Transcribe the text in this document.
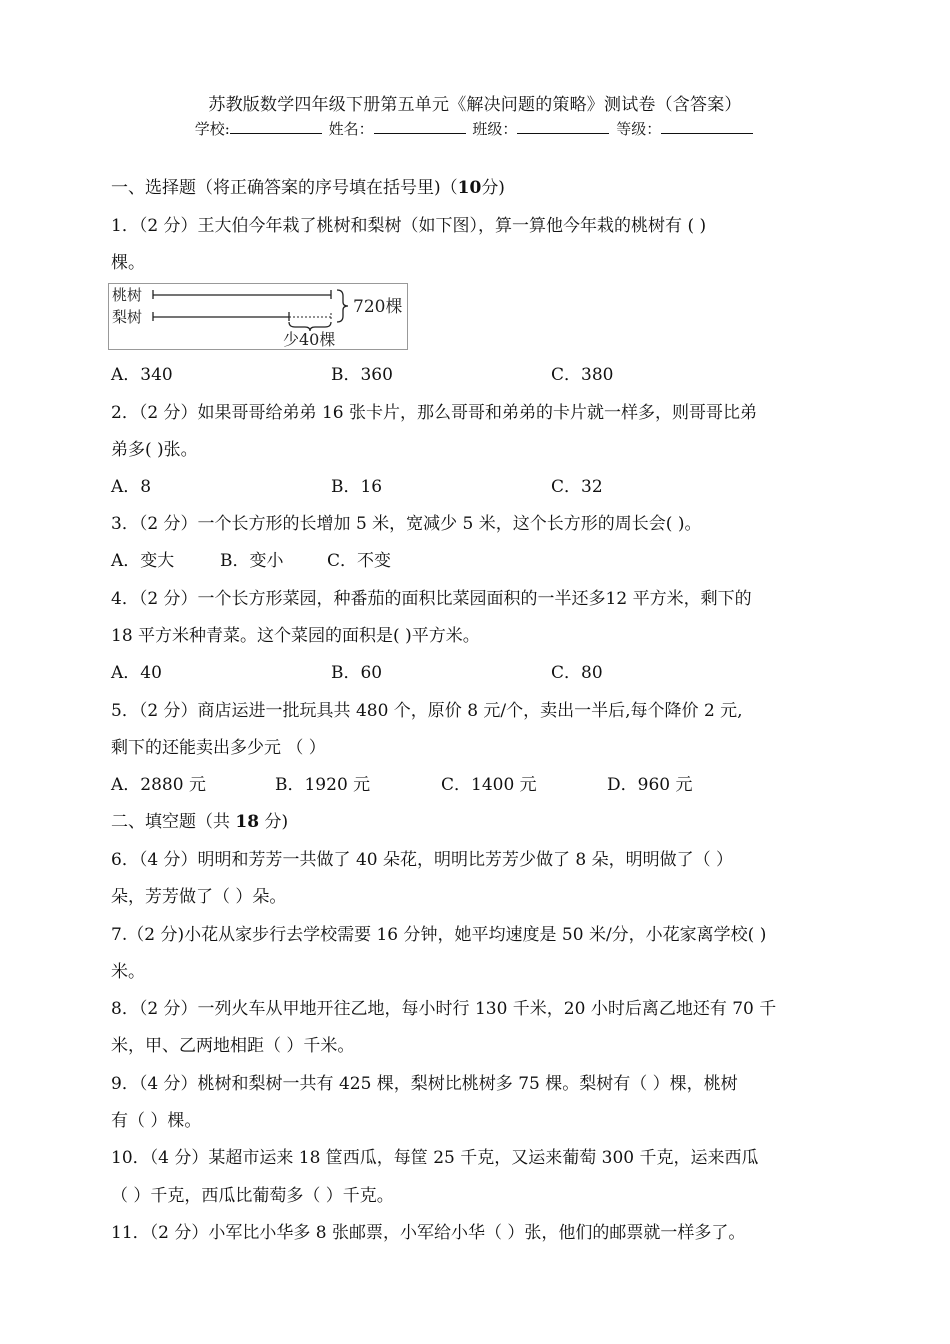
苏教版数学四年级下册第五单元《解决问题的策略》测试卷（含答案）
学校:	姓名：	班级：	等级：
一、选择题（将正确答案的序号填在括号里)（10分)
1．（2 分）王大伯今年栽了桃树和梨树（如下图），算一算他今年栽的桃树有 ( )
棵。
桃树
梨树	720棵
少40棵
A．340	B．360	C．380
2．（2 分）如果哥哥给弟弟 16 张卡片，那么哥哥和弟弟的卡片就一样多，则哥哥比弟
弟多( )张。
A．8	B．16	C．32
3．（2 分）一个长方形的长增加 5 米，宽减少 5 米，这个长方形的周长会( )。
A．变大	B．变小	C．不变
4．（2 分）一个长方形菜园，种番茄的面积比菜园面积的一半还多12 平方米，剩下的
18 平方米种青菜。这个菜园的面积是( )平方米。
A．40	B．60	C．80
5．（2 分）商店运进一批玩具共 480 个，原价 8 元/个，卖出一半后,每个降价 2 元,
剩下的还能卖出多少元 （ ）
A．2880 元	B．1920 元	C．1400 元	D．960 元
二、填空题（共 18 分)
6．（4 分）明明和芳芳一共做了 40 朵花，明明比芳芳少做了 8 朵，明明做了（ ）
朵，芳芳做了（ ）朵。
7.（2 分)小花从家步行去学校需要 16 分钟，她平均速度是 50 米/分，小花家离学校( )
米。
8．（2 分）一列火车从甲地开往乙地，每小时行 130 千米，20 小时后离乙地还有 70 千
米，甲、乙两地相距（ ）千米。
9．（4 分）桃树和梨树一共有 425 棵，梨树比桃树多 75 棵。梨树有（ ）棵，桃树
有（ ）棵。
10．（4 分）某超市运来 18 筐西瓜，每筐 25 千克，又运来葡萄 300 千克，运来西瓜
（ ）千克，西瓜比葡萄多（ ）千克。
11．（2 分）小军比小华多 8 张邮票，小军给小华（ ）张，他们的邮票就一样多了。
